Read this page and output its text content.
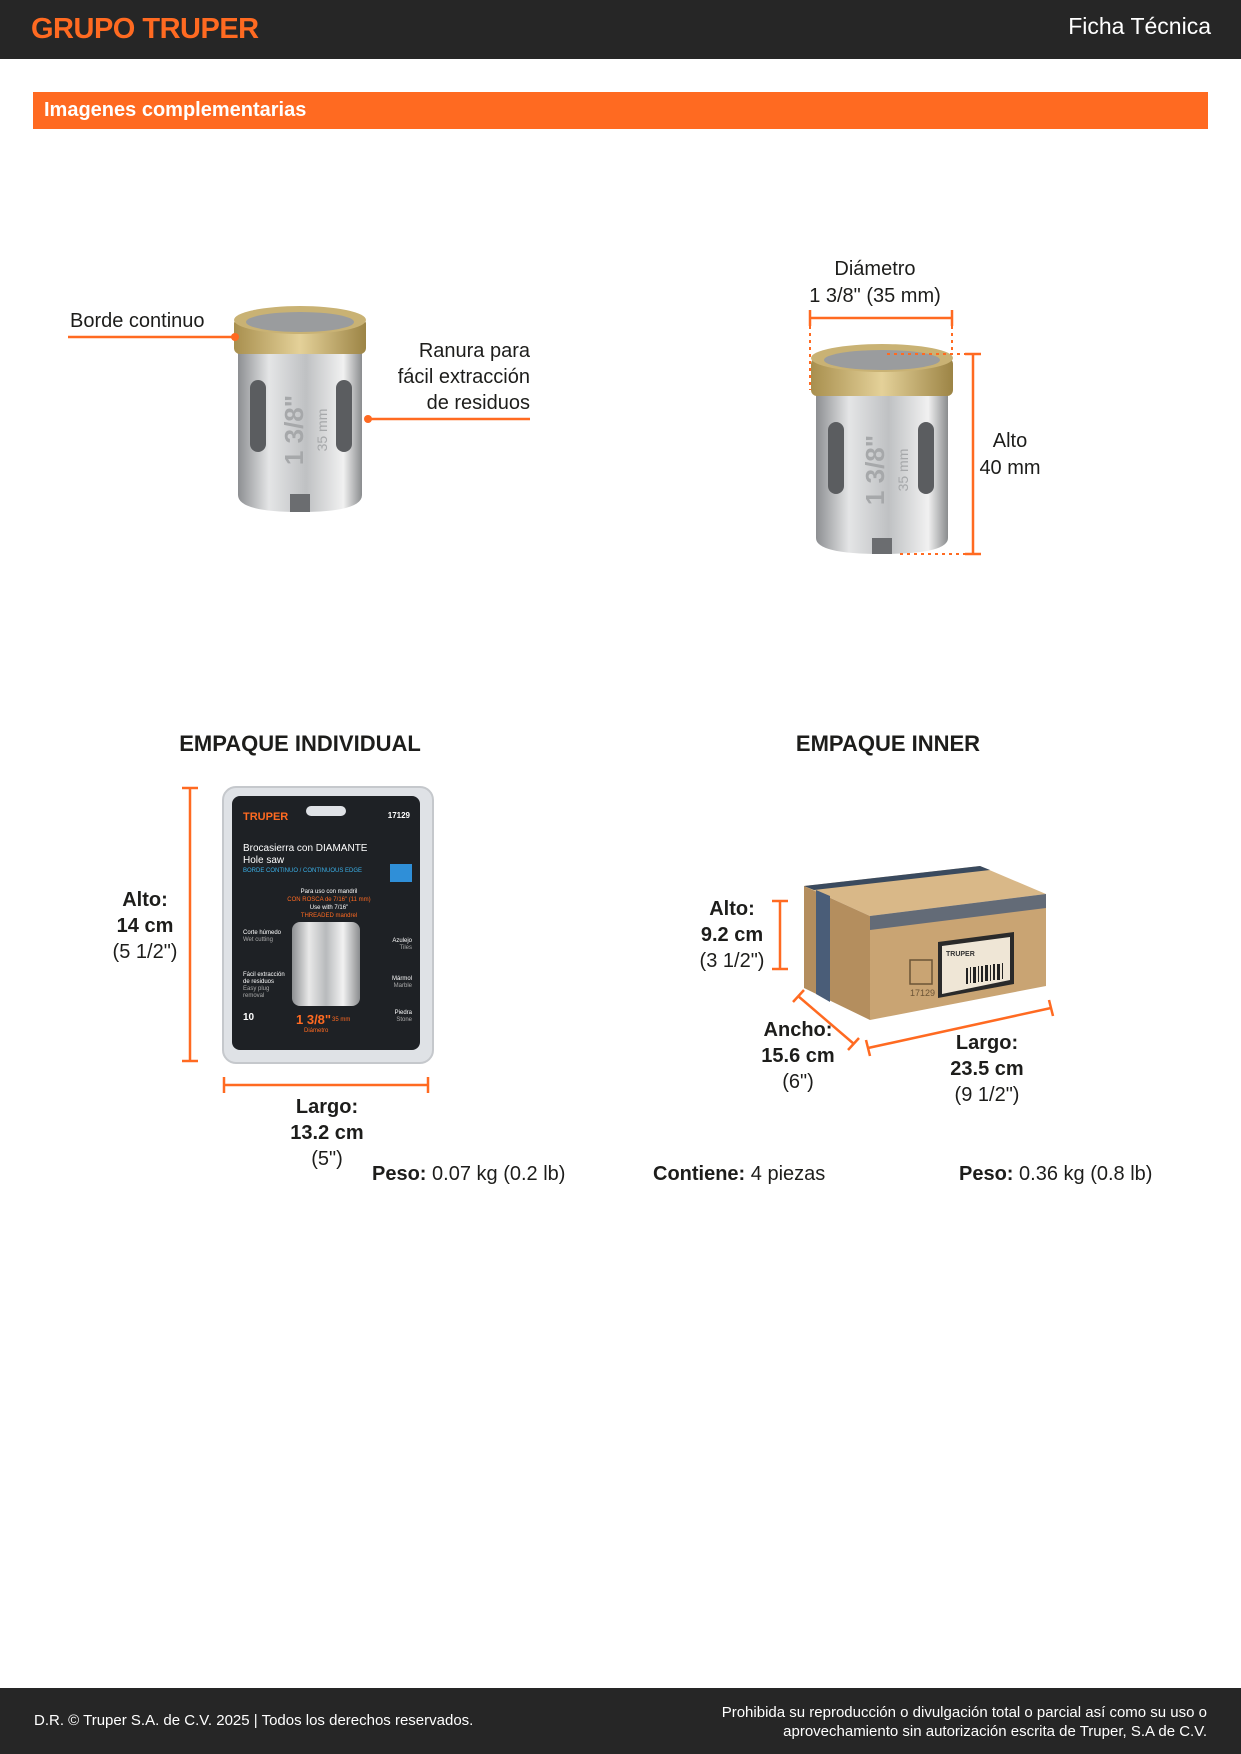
GRUPO TRUPER	Ficha Técnica
Imagenes complementarias
1 3/8" 35 mm
Borde continuo
Ranura para
fácil extracción
de residuos
1 3/8" 35 mm
Diámetro
1 3/8" (35 mm)
Alto
40 mm
EMPAQUE INDIVIDUAL
TRUPER	17129
Brocasierra con DIAMANTE
Hole saw
BORDE CONTINUO / CONTINUOUS EDGE
Para uso con mandril
CON ROSCA de 7/16" (11 mm)
Use with 7/16"
THREADED mandrel
Corte húmedo
Wet cutting
Fácil extracción de residuos
Easy plug removal
Azulejo
Tiles
Mármol
Marble
Piedra
Stone
10	1 3/8" 35 mm
Diámetro
Alto:
14 cm
(5 1/2")
Largo:
13.2 cm
(5")
Peso: 0.07 kg (0.2 lb)
EMPAQUE INNER
TRUPER
17129
Alto:
9.2 cm
(3 1/2")
Ancho:
15.6 cm
(6")
Largo:
23.5 cm
(9 1/2")
Contiene: 4 piezas	Peso: 0.36 kg (0.8 lb)
D.R. © Truper S.A. de C.V. 2025 | Todos los derechos reservados.	Prohibida su reproducción o divulgación total o parcial así como su uso o
aprovechamiento sin autorización escrita de Truper, S.A de C.V.
